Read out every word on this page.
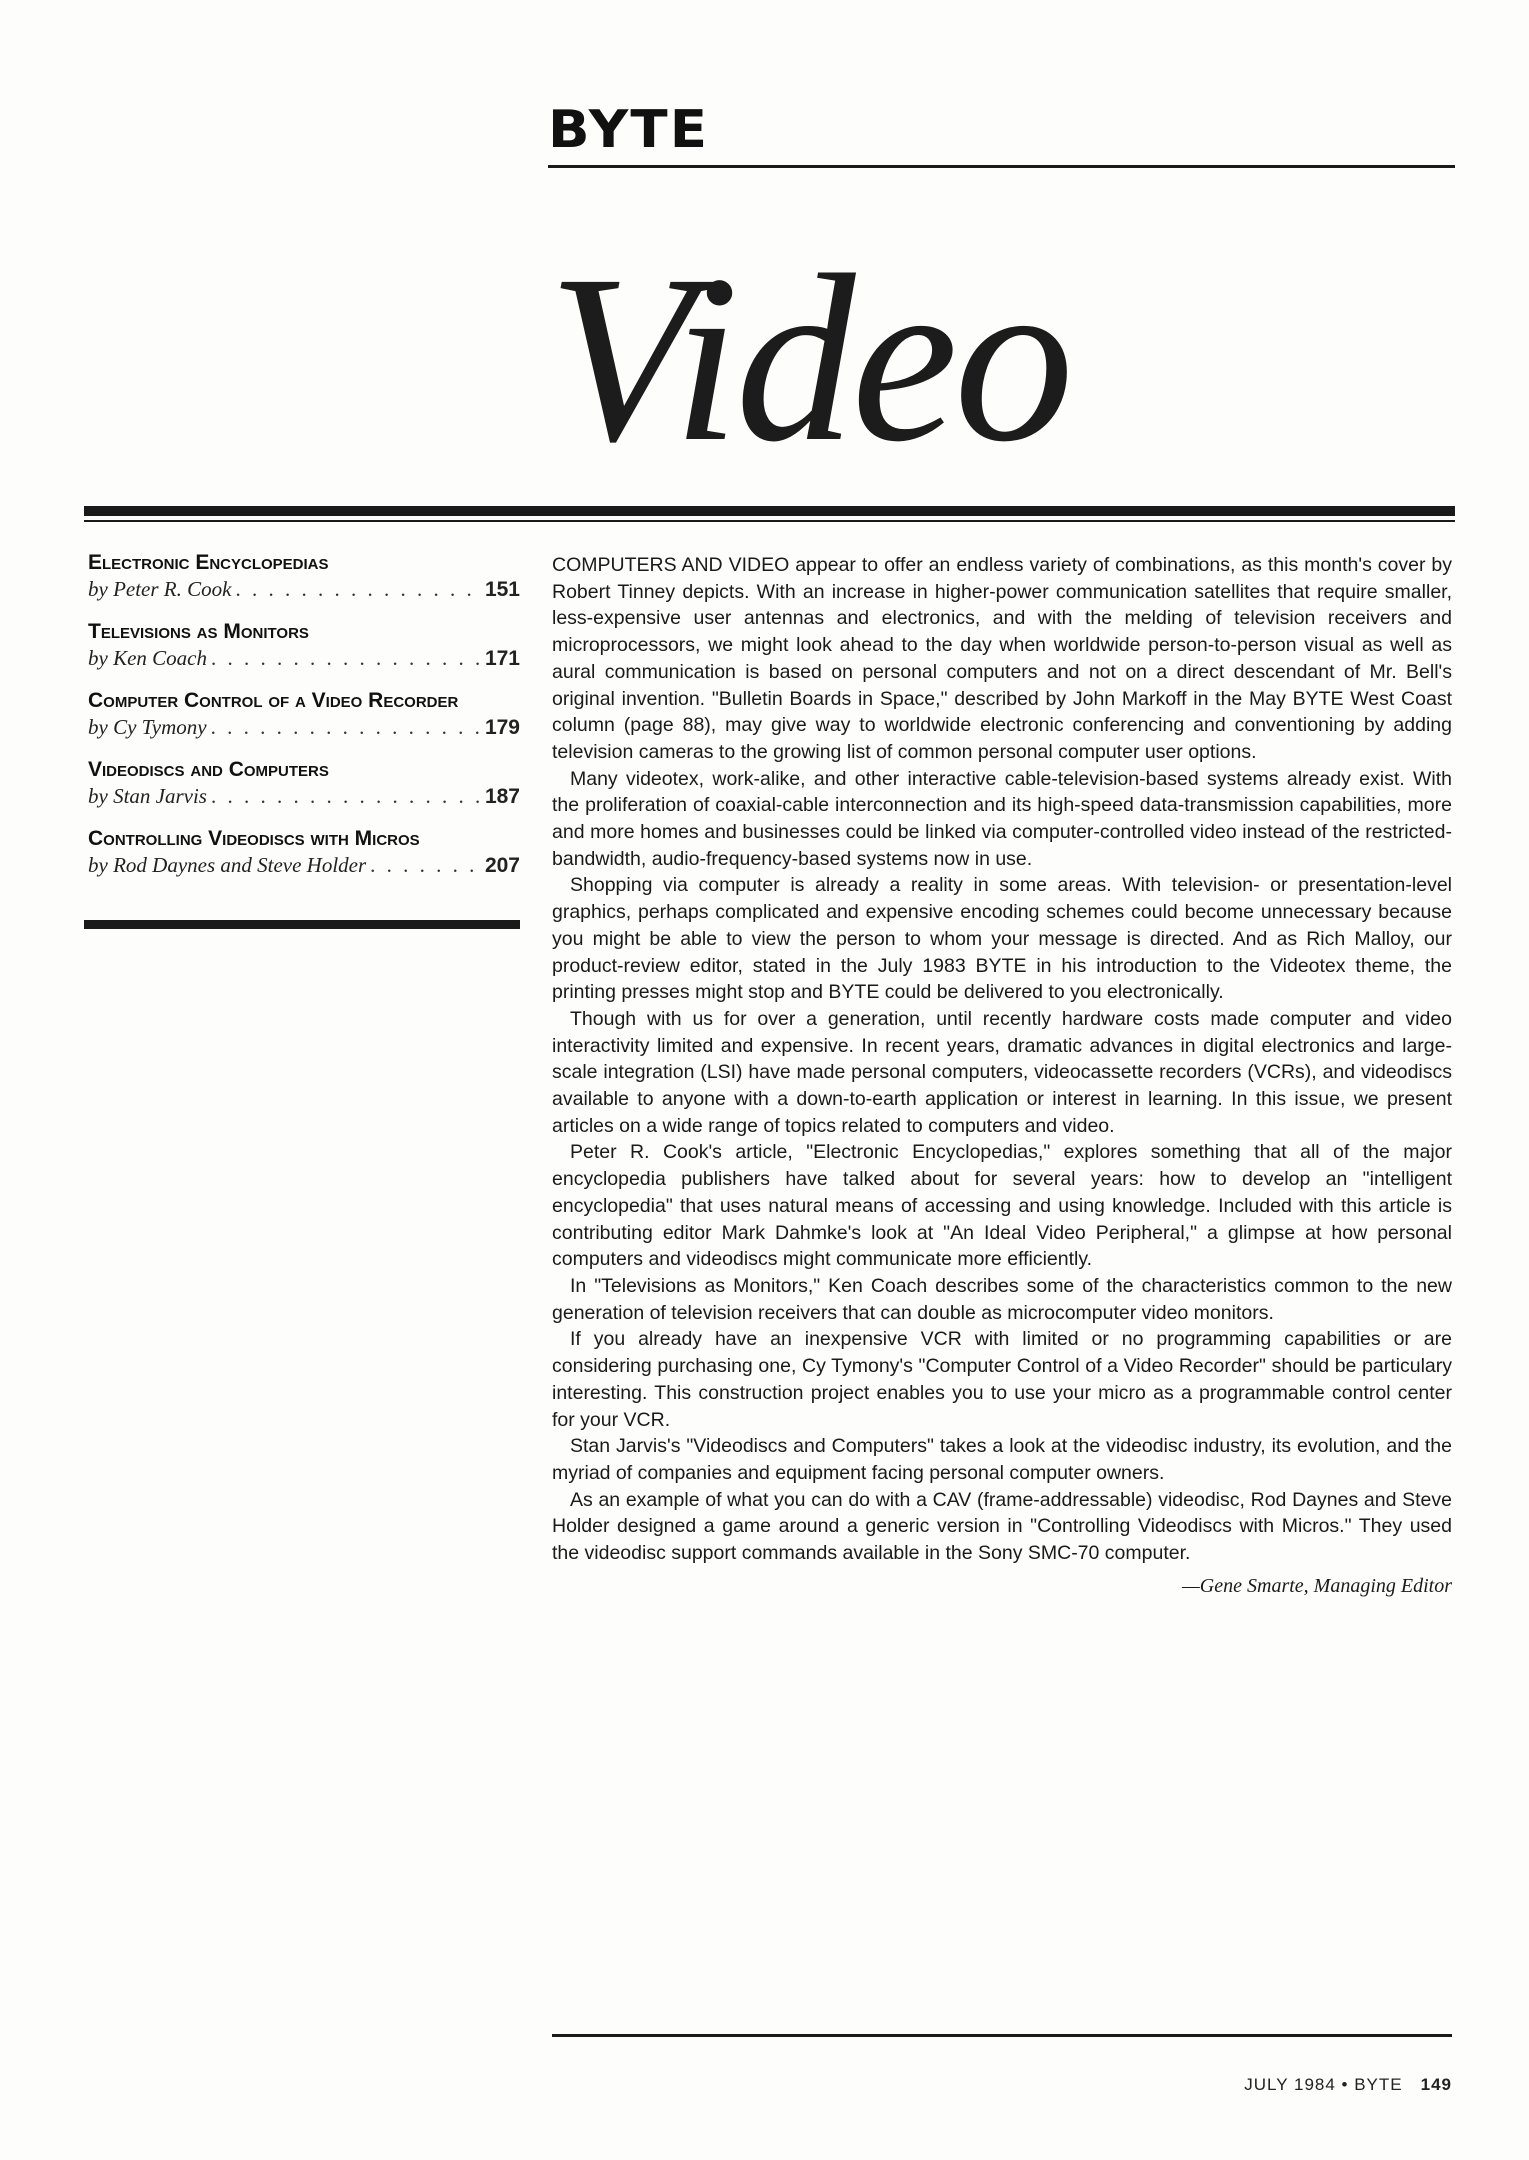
BYTE
Video
Electronic Encyclopedias
by Peter R. Cook . . .	151
Televisions as Monitors
by Ken Coach . . .	171
Computer Control of a Video Recorder
by Cy Tymony . . .	179
Videodiscs and Computers
by Stan Jarvis . . .	187
Controlling Videodiscs with Micros
by Rod Daynes and Steve Holder . . .	207

COMPUTERS AND VIDEO appear to offer an endless variety of combinations, as this month's cover by Robert Tinney depicts. With an increase in higher-power communication satellites that require smaller, less-expensive user antennas and electronics, and with the melding of television receivers and microprocessors, we might look ahead to the day when worldwide person-to-person visual as well as aural communication is based on personal computers and not on a direct descendant of Mr. Bell's original invention. "Bulletin Boards in Space," described by John Markoff in the May BYTE West Coast column (page 88), may give way to worldwide electronic conferencing and conventioning by adding television cameras to the growing list of common personal computer user options.

Many videotex, work-alike, and other interactive cable-television-based systems already exist. With the proliferation of coaxial-cable interconnection and its high-speed data-transmission capabilities, more and more homes and businesses could be linked via computer-controlled video instead of the restricted-bandwidth, audio-frequency-based systems now in use.

Shopping via computer is already a reality in some areas. With television- or presentation-level graphics, perhaps complicated and expensive encoding schemes could become unnecessary because you might be able to view the person to whom your message is directed. And as Rich Malloy, our product-review editor, stated in the July 1983 BYTE in his introduction to the Videotex theme, the printing presses might stop and BYTE could be delivered to you electronically.

Though with us for over a generation, until recently hardware costs made computer and video interactivity limited and expensive. In recent years, dramatic advances in digital electronics and large-scale integration (LSI) have made personal computers, videocassette recorders (VCRs), and videodiscs available to anyone with a down-to-earth application or interest in learning. In this issue, we present articles on a wide range of topics related to computers and video.

Peter R. Cook's article, "Electronic Encyclopedias," explores something that all of the major encyclopedia publishers have talked about for several years: how to develop an "intelligent encyclopedia" that uses natural means of accessing and using knowledge. Included with this article is contributing editor Mark Dahmke's look at "An Ideal Video Peripheral," a glimpse at how personal computers and videodiscs might communicate more efficiently.

In "Televisions as Monitors," Ken Coach describes some of the characteristics common to the new generation of television receivers that can double as microcomputer video monitors.

If you already have an inexpensive VCR with limited or no programming capabilities or are considering purchasing one, Cy Tymony's "Computer Control of a Video Recorder" should be particulary interesting. This construction project enables you to use your micro as a programmable control center for your VCR.

Stan Jarvis's "Videodiscs and Computers" takes a look at the videodisc industry, its evolution, and the myriad of companies and equipment facing personal computer owners.

As an example of what you can do with a CAV (frame-addressable) videodisc, Rod Daynes and Steve Holder designed a game around a generic version in "Controlling Videodiscs with Micros." They used the videodisc support commands available in the Sony SMC-70 computer.

—Gene Smarte, Managing Editor
JULY 1984 • BYTE 149
